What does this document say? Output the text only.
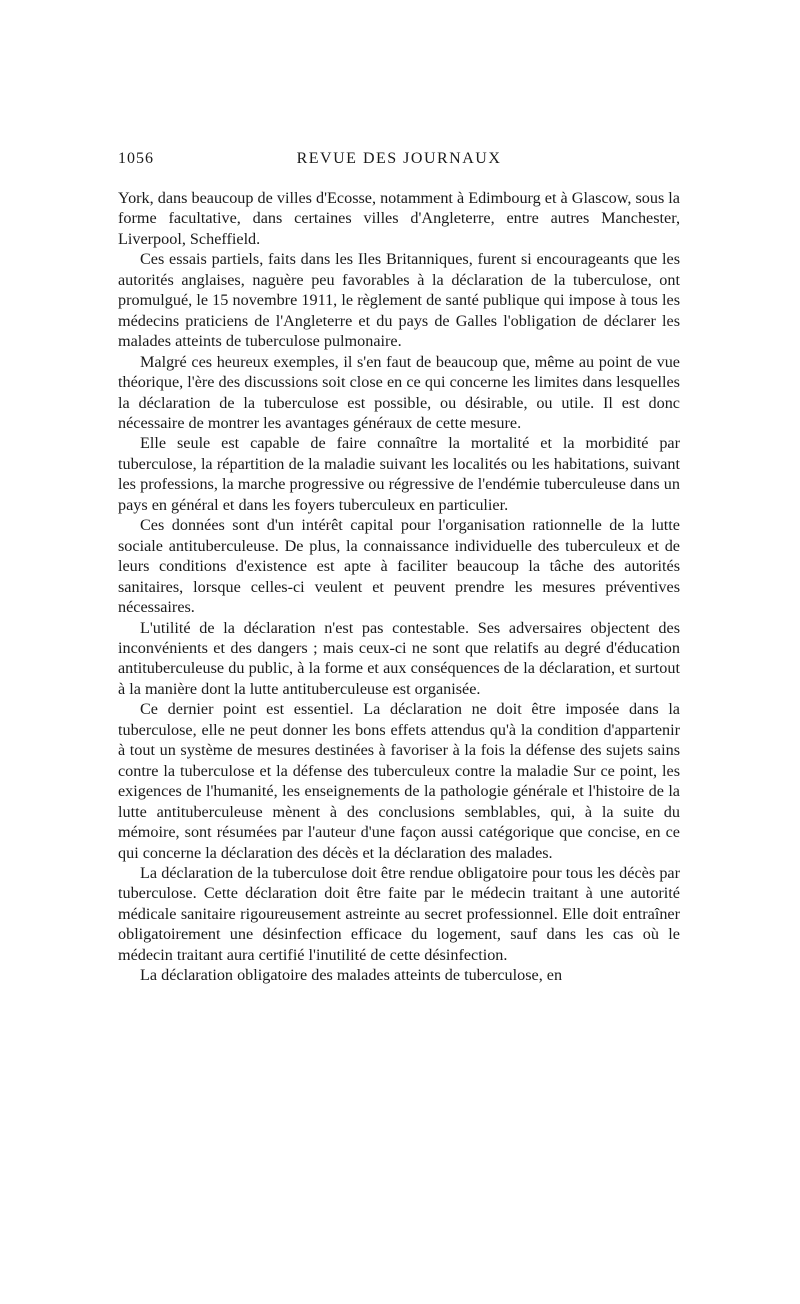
1056	REVUE DES JOURNAUX

York, dans beaucoup de villes d'Ecosse, notamment à Edimbourg et à Glascow, sous la forme facultative, dans certaines villes d'Angleterre, entre autres Manchester, Liverpool, Scheffield.

Ces essais partiels, faits dans les Iles Britanniques, furent si encourageants que les autorités anglaises, naguère peu favorables à la déclaration de la tuberculose, ont promulgué, le 15 novembre 1911, le règlement de santé publique qui impose à tous les médecins praticiens de l'Angleterre et du pays de Galles l'obligation de déclarer les malades atteints de tuberculose pulmonaire.

Malgré ces heureux exemples, il s'en faut de beaucoup que, même au point de vue théorique, l'ère des discussions soit close en ce qui concerne les limites dans lesquelles la déclaration de la tuberculose est possible, ou désirable, ou utile. Il est donc nécessaire de montrer les avantages généraux de cette mesure.

Elle seule est capable de faire connaître la mortalité et la morbidité par tuberculose, la répartition de la maladie suivant les localités ou les habitations, suivant les professions, la marche progressive ou régressive de l'endémie tuberculeuse dans un pays en général et dans les foyers tuberculeux en particulier.

Ces données sont d'un intérêt capital pour l'organisation rationnelle de la lutte sociale antituberculeuse. De plus, la connaissance individuelle des tuberculeux et de leurs conditions d'existence est apte à faciliter beaucoup la tâche des autorités sanitaires, lorsque celles-ci veulent et peuvent prendre les mesures préventives nécessaires.

L'utilité de la déclaration n'est pas contestable. Ses adversaires objectent des inconvénients et des dangers ; mais ceux-ci ne sont que relatifs au degré d'éducation antituberculeuse du public, à la forme et aux conséquences de la déclaration, et surtout à la manière dont la lutte antituberculeuse est organisée.

Ce dernier point est essentiel. La déclaration ne doit être imposée dans la tuberculose, elle ne peut donner les bons effets attendus qu'à la condition d'appartenir à tout un système de mesures destinées à favoriser à la fois la défense des sujets sains contre la tuberculose et la défense des tuberculeux contre la maladie Sur ce point, les exigences de l'humanité, les enseignements de la pathologie générale et l'histoire de la lutte antituberculeuse mènent à des conclusions semblables, qui, à la suite du mémoire, sont résumées par l'auteur d'une façon aussi catégorique que concise, en ce qui concerne la déclaration des décès et la déclaration des malades.

La déclaration de la tuberculose doit être rendue obligatoire pour tous les décès par tuberculose. Cette déclaration doit être faite par le médecin traitant à une autorité médicale sanitaire rigoureusement astreinte au secret professionnel. Elle doit entraîner obligatoirement une désinfection efficace du logement, sauf dans les cas où le médecin traitant aura certifié l'inutilité de cette désinfection.

La déclaration obligatoire des malades atteints de tuberculose, en
